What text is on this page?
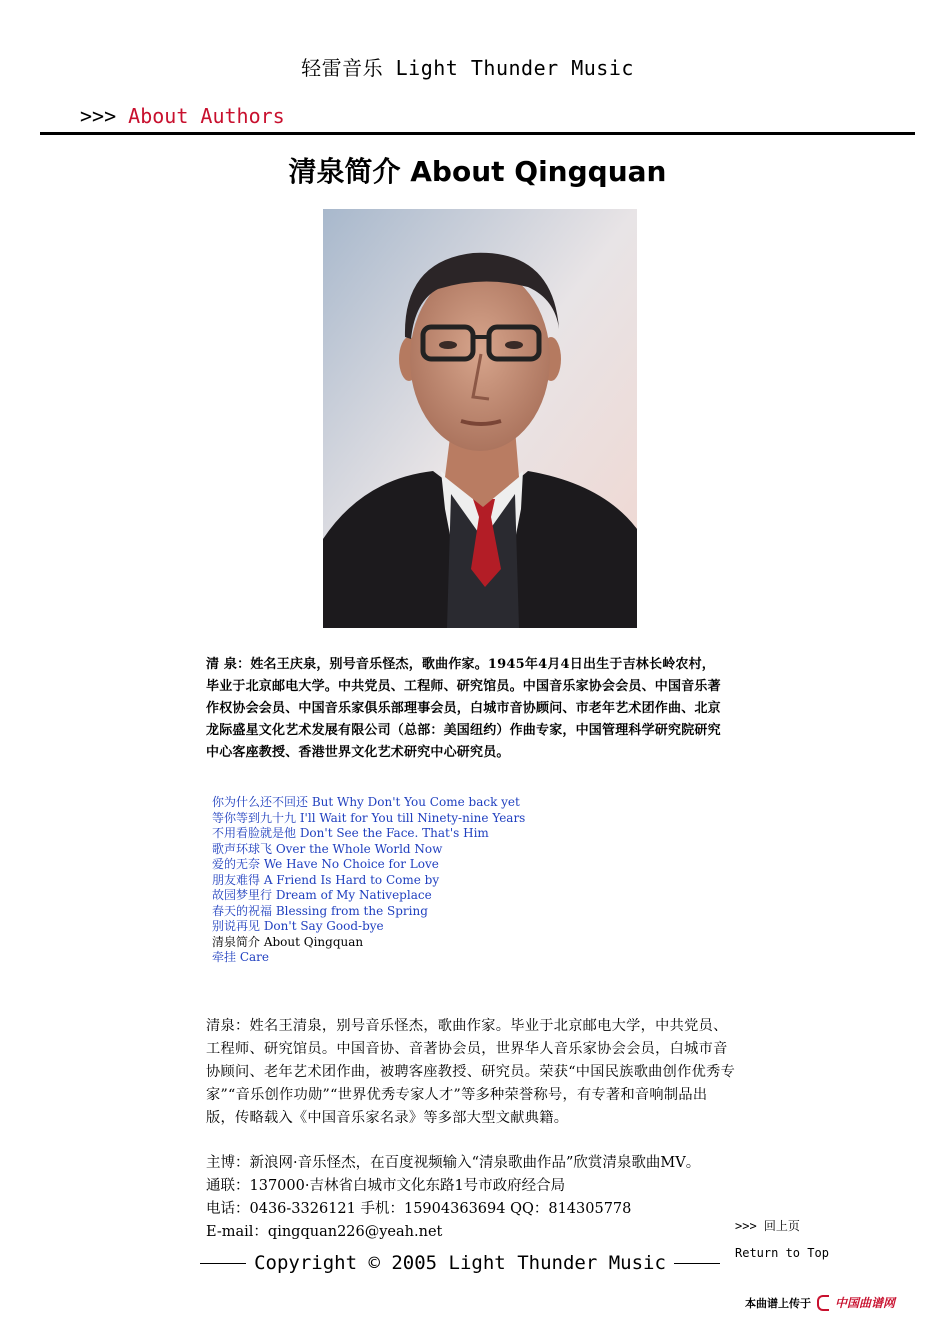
轻雷音乐 Light Thunder Music
>>> About Authors
清泉简介 About Qingquan
清 泉：姓名王庆泉，别号音乐怪杰，歌曲作家。1945年4月4日出生于吉林长岭农村，毕业于北京邮电大学。中共党员、工程师、研究馆员。中国音乐家协会会员、中国音乐著作权协会会员、中国音乐家俱乐部理事会员，白城市音协顾问、市老年艺术团作曲、北京龙际盛星文化艺术发展有限公司（总部：美国纽约）作曲专家，中国管理科学研究院研究中心客座教授、香港世界文化艺术研究中心研究员。
你为什么还不回还 But Why Don't You Come back yet
等你等到九十九 I'll Wait for You till Ninety-nine Years
不用看脸就是他 Don't See the Face. That's Him
歌声环球飞 Over the Whole World Now
爱的无奈 We Have No Choice for Love
朋友难得 A Friend Is Hard to Come by
故园梦里行 Dream of My Nativeplace
春天的祝福 Blessing from the Spring
别说再见 Don't Say Good-bye
清泉简介 About Qingquan
牵挂 Care
清泉：姓名王清泉，别号音乐怪杰，歌曲作家。毕业于北京邮电大学，中共党员、工程师、研究馆员。中国音协、音著协会员，世界华人音乐家协会会员，白城市音协顾问、老年艺术团作曲，被聘客座教授、研究员。荣获“中国民族歌曲创作优秀专家”“音乐创作功勋”“世界优秀专家人才”等多种荣誉称号，有专著和音响制品出版，传略载入《中国音乐家名录》等多部大型文献典籍。
主博：新浪网·音乐怪杰，在百度视频输入“清泉歌曲作品”欣赏清泉歌曲MV。
通联：137000·吉林省白城市文化东路1号市政府经合局
电话：0436-3326121 手机：15904363694 QQ：814305778
E-mail：qingquan226@yeah.net	>>> 回上页
Return to Top
Copyright © 2005 Light Thunder Music
本曲谱上传于 中国曲谱网
